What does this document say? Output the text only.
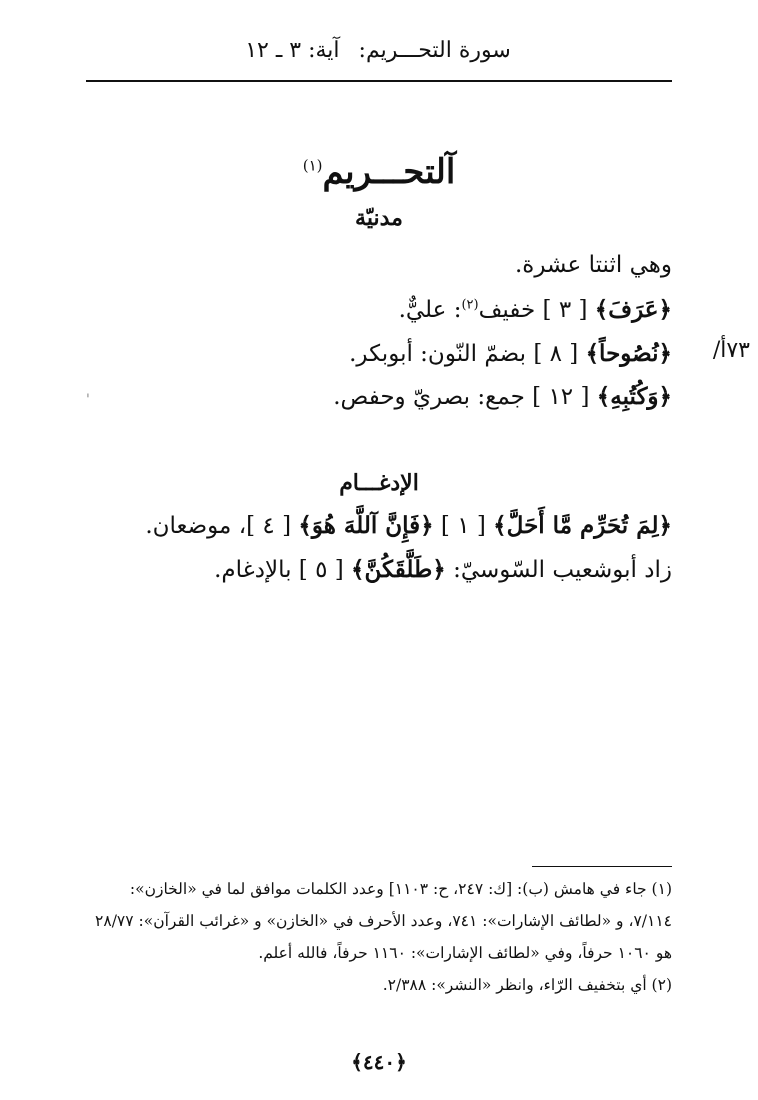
سورة التحـــريم: آية: ٣ ـ ١٢
آلتحـــريم$^{(١)}$
مدنيّة
وهي اثنتا عشرة.
﴿عَرَفَ﴾ [ ٣ ] خفيف$^{(٢)}$: عليٌّ.
﴿نُصُوحاً﴾ [ ٨ ] بضمّ النّون: أبوبكر.
﴿وَكُتُبِهِ﴾ [ ١٢ ] جمع: بصريّ وحفص.
/٧٣أ
'
الإدغـــام
﴿لِمَ تُحَرِّم مَّا أَحَلَّ﴾ [ ١ ] ﴿فَإِنَّ آللَّهَ هُوَ﴾ [ ٤ ]، موضعان.
زاد أبوشعيب السّوسيّ: ﴿طَلَّقَكُنَّ﴾ [ ٥ ] بالإدغام.
(١) جاء في هامش (ب): [ك: ٢٤٧، ح: ١١٠٣] وعدد الكلمات موافق لما في «الخازن»:
٧/١١٤، و «لطائف الإشارات»: ٧٤١، وعدد الأحرف في «الخازن» و «غرائب القرآن»: ٢٨/٧٧
هو ١٠٦٠ حرفاً، وفي «لطائف الإشارات»: ١١٦٠ حرفاً، فالله أعلم.
(٢) أي بتخفيف الرّاء، وانظر «النشر»: ٢/٣٨٨.
﴿٤٤٠﴾
